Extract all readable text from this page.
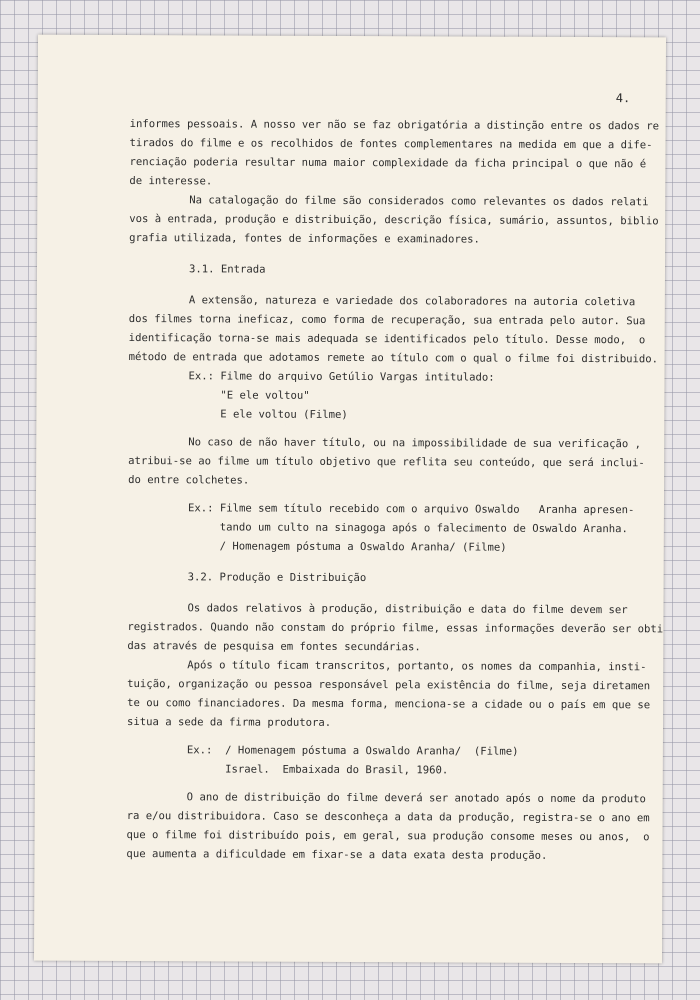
4.
informes pessoais. A nosso ver não se faz obrigatória a distinção entre os dados re
tirados do filme e os recolhidos de fontes complementares na medida em que a dife-
renciação poderia resultar numa maior complexidade da ficha principal o que não é
de interesse.
Na catalogação do filme são considerados como relevantes os dados relati
vos à entrada, produção e distribuição, descrição física, sumário, assuntos, biblio
grafia utilizada, fontes de informações e examinadores.
3.1. Entrada
A extensão, natureza e variedade dos colaboradores na autoria coletiva
dos filmes torna ineficaz, como forma de recuperação, sua entrada pelo autor. Sua
identificação torna-se mais adequada se identificados pelo título. Desse modo,  o
método de entrada que adotamos remete ao título com o qual o filme foi distribuido.
Ex.: Filme do arquivo Getúlio Vargas intitulado:
"E ele voltou"
E ele voltou (Filme)
No caso de não haver título, ou na impossibilidade de sua verificação ,
atribui-se ao filme um título objetivo que reflita seu conteúdo, que será inclui-
do entre colchetes.
Ex.: Filme sem título recebido com o arquivo Oswaldo   Aranha apresen-
tando um culto na sinagoga após o falecimento de Oswaldo Aranha.
/ Homenagem póstuma a Oswaldo Aranha/ (Filme)
3.2. Produção e Distribuição
Os dados relativos à produção, distribuição e data do filme devem ser
registrados. Quando não constam do próprio filme, essas informações deverão ser obti
das através de pesquisa em fontes secundárias.
Após o título ficam transcritos, portanto, os nomes da companhia, insti-
tuição, organização ou pessoa responsável pela existência do filme, seja diretamen
te ou como financiadores. Da mesma forma, menciona-se a cidade ou o país em que se
situa a sede da firma produtora.
Ex.:  / Homenagem póstuma a Oswaldo Aranha/  (Filme)
Israel.  Embaixada do Brasil, 1960.
O ano de distribuição do filme deverá ser anotado após o nome da produto
ra e/ou distribuidora. Caso se desconheça a data da produção, registra-se o ano em
que o filme foi distribuído pois, em geral, sua produção consome meses ou anos,  o
que aumenta a dificuldade em fixar-se a data exata desta produção.
